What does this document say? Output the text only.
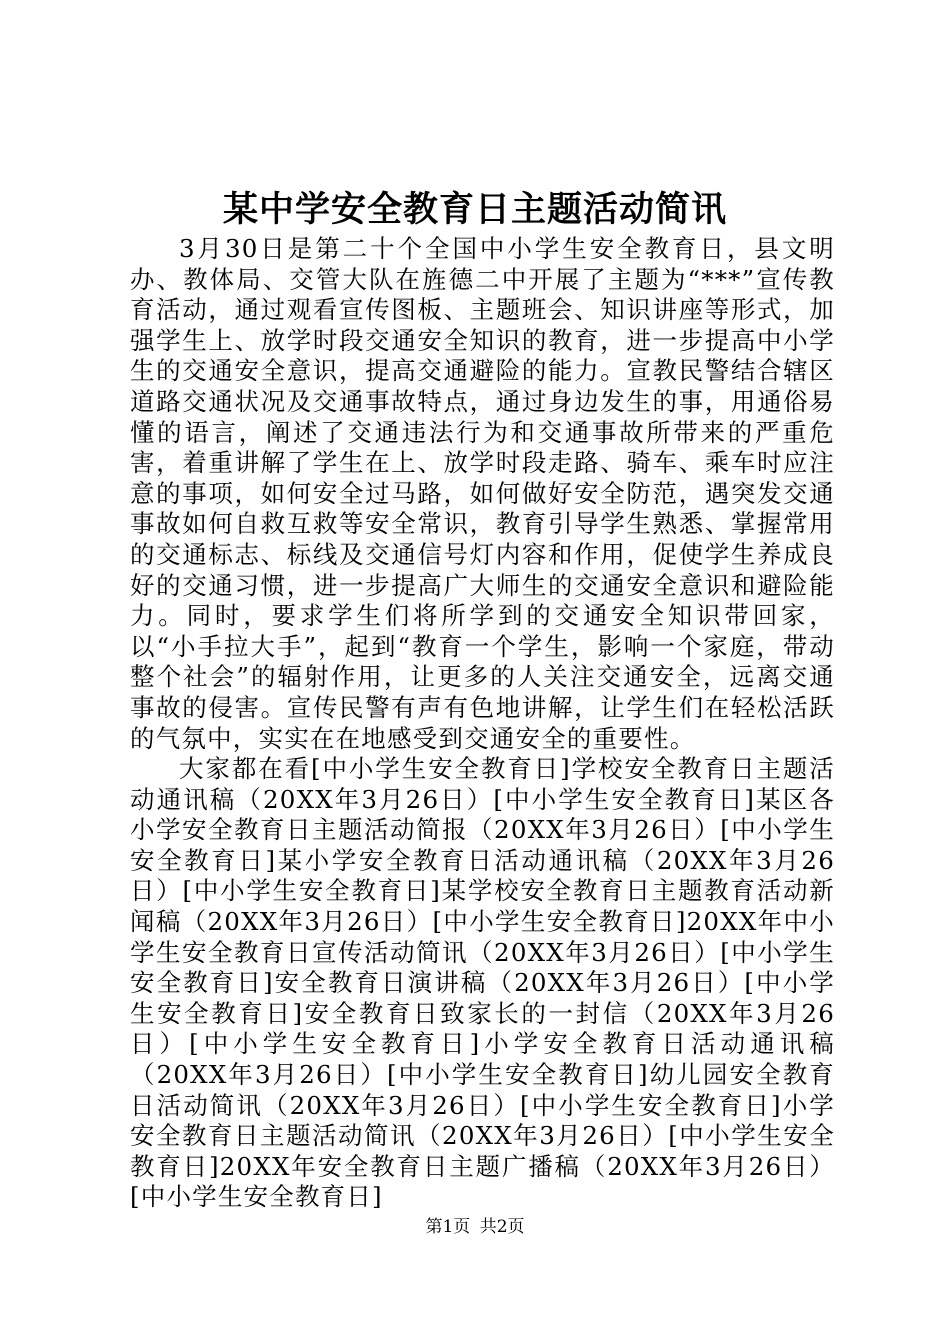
某中学安全教育日主题活动简讯

3月30日是第二十个全国中小学生安全教育日，县文明办、教体局、交管大队在旌德二中开展了主题为“***”宣传教育活动，通过观看宣传图板、主题班会、知识讲座等形式，加强学生上、放学时段交通安全知识的教育，进一步提高中小学生的交通安全意识，提高交通避险的能力。宣教民警结合辖区道路交通状况及交通事故特点，通过身边发生的事，用通俗易懂的语言，阐述了交通违法行为和交通事故所带来的严重危害，着重讲解了学生在上、放学时段走路、骑车、乘车时应注意的事项，如何安全过马路，如何做好安全防范，遇突发交通事故如何自救互救等安全常识，教育引导学生熟悉、掌握常用的交通标志、标线及交通信号灯内容和作用，促使学生养成良好的交通习惯，进一步提高广大师生的交通安全意识和避险能力。同时，要求学生们将所学到的交通安全知识带回家，以“小手拉大手”，起到“教育一个学生，影响一个家庭，带动整个社会”的辐射作用，让更多的人关注交通安全，远离交通事故的侵害。宣传民警有声有色地讲解，让学生们在轻松活跃的气氛中，实实在在地感受到交通安全的重要性。

大家都在看[中小学生安全教育日]学校安全教育日主题活动通讯稿（20XX年3月26日）[中小学生安全教育日]某区各小学安全教育日主题活动简报（20XX年3月26日）[中小学生安全教育日]某小学安全教育日活动通讯稿（20XX年3月26日）[中小学生安全教育日]某学校安全教育日主题教育活动新闻稿（20XX年3月26日）[中小学生安全教育日]20XX年中小学生安全教育日宣传活动简讯（20XX年3月26日）[中小学生安全教育日]安全教育日演讲稿（20XX年3月26日）[中小学生安全教育日]安全教育日致家长的一封信（20XX年3月26日）[中小学生安全教育日]小学安全教育日活动通讯稿（20XX年3月26日）[中小学生安全教育日]幼儿园安全教育日活动简讯（20XX年3月26日）[中小学生安全教育日]小学安全教育日主题活动简讯（20XX年3月26日）[中小学生安全教育日]20XX年安全教育日主题广播稿（20XX年3月26日）[中小学生安全教育日]

第1页 共2页
